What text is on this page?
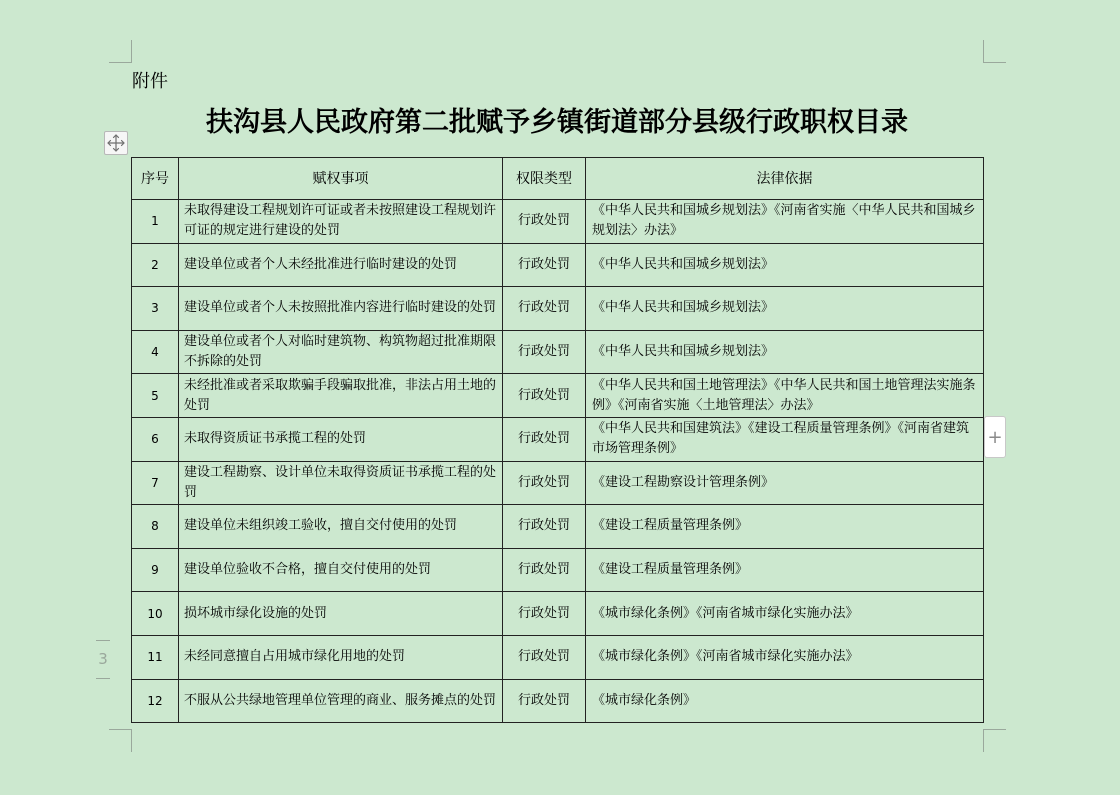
附件
扶沟县人民政府第二批赋予乡镇街道部分县级行政职权目录
+
3
序号	赋权事项	权限类型	法律依据
1	未取得建设工程规划许可证或者未按照建设工程规划许可证的规定进行建设的处罚	行政处罚	《中华人民共和国城乡规划法》《河南省实施〈中华人民共和国城乡规划法〉办法》
2	建设单位或者个人未经批准进行临时建设的处罚	行政处罚	《中华人民共和国城乡规划法》
3	建设单位或者个人未按照批准内容进行临时建设的处罚	行政处罚	《中华人民共和国城乡规划法》
4	建设单位或者个人对临时建筑物、构筑物超过批准期限不拆除的处罚	行政处罚	《中华人民共和国城乡规划法》
5	未经批准或者采取欺骗手段骗取批准，非法占用土地的处罚	行政处罚	《中华人民共和国土地管理法》《中华人民共和国土地管理法实施条例》《河南省实施〈土地管理法〉办法》
6	未取得资质证书承揽工程的处罚	行政处罚	《中华人民共和国建筑法》《建设工程质量管理条例》《河南省建筑市场管理条例》
7	建设工程勘察、设计单位未取得资质证书承揽工程的处罚	行政处罚	《建设工程勘察设计管理条例》
8	建设单位未组织竣工验收，擅自交付使用的处罚	行政处罚	《建设工程质量管理条例》
9	建设单位验收不合格，擅自交付使用的处罚	行政处罚	《建设工程质量管理条例》
10	损坏城市绿化设施的处罚	行政处罚	《城市绿化条例》《河南省城市绿化实施办法》
11	未经同意擅自占用城市绿化用地的处罚	行政处罚	《城市绿化条例》《河南省城市绿化实施办法》
12	不服从公共绿地管理单位管理的商业、服务摊点的处罚	行政处罚	《城市绿化条例》
